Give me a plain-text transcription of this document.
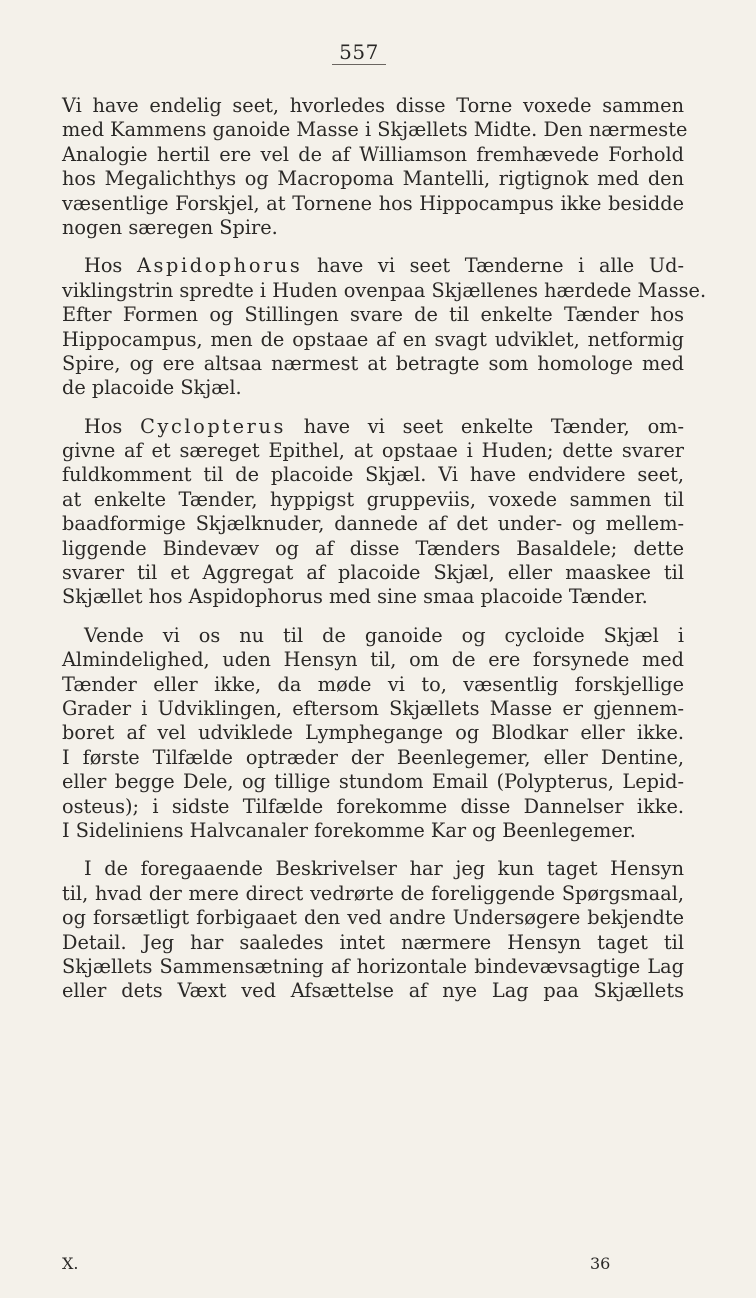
557
Vi have endelig seet, hvorledes disse Torne voxede sammen
med Kammens ganoide Masse i Skjællets Midte. Den nærmeste
Analogie hertil ere vel de af Williamson fremhævede Forhold
hos Megalichthys og Macropoma Mantelli, rigtignok med den
væsentlige Forskjel, at Tornene hos Hippocampus ikke besidde
nogen særegen Spire.
Hos Aspidophorus have vi seet Tænderne i alle Ud-
viklingstrin spredte i Huden ovenpaa Skjællenes hærdede Masse.
Efter Formen og Stillingen svare de til enkelte Tænder hos
Hippocampus, men de opstaae af en svagt udviklet, netformig
Spire, og ere altsaa nærmest at betragte som homologe med
de placoide Skjæl.
Hos Cyclopterus have vi seet enkelte Tænder, om-
givne af et særeget Epithel, at opstaae i Huden; dette svarer
fuldkomment til de placoide Skjæl. Vi have endvidere seet,
at enkelte Tænder, hyppigst gruppeviis, voxede sammen til
baadformige Skjælknuder, dannede af det under- og mellem-
liggende Bindevæv og af disse Tænders Basaldele; dette
svarer til et Aggregat af placoide Skjæl, eller maaskee til
Skjællet hos Aspidophorus med sine smaa placoide Tænder.
Vende vi os nu til de ganoide og cycloide Skjæl i
Almindelighed, uden Hensyn til, om de ere forsynede med
Tænder eller ikke, da møde vi to, væsentlig forskjellige
Grader i Udviklingen, eftersom Skjællets Masse er gjennem-
boret af vel udviklede Lymphegange og Blodkar eller ikke.
I første Tilfælde optræder der Beenlegemer, eller Dentine,
eller begge Dele, og tillige stundom Email (Polypterus, Lepid-
osteus); i sidste Tilfælde forekomme disse Dannelser ikke.
I Sideliniens Halvcanaler forekomme Kar og Beenlegemer.
I de foregaaende Beskrivelser har jeg kun taget Hensyn
til, hvad der mere direct vedrørte de foreliggende Spørgsmaal,
og forsætligt forbigaaet den ved andre Undersøgere bekjendte
Detail. Jeg har saaledes intet nærmere Hensyn taget til
Skjællets Sammensætning af horizontale bindevævsagtige Lag
eller dets Væxt ved Afsættelse af nye Lag paa Skjællets
X.	36
